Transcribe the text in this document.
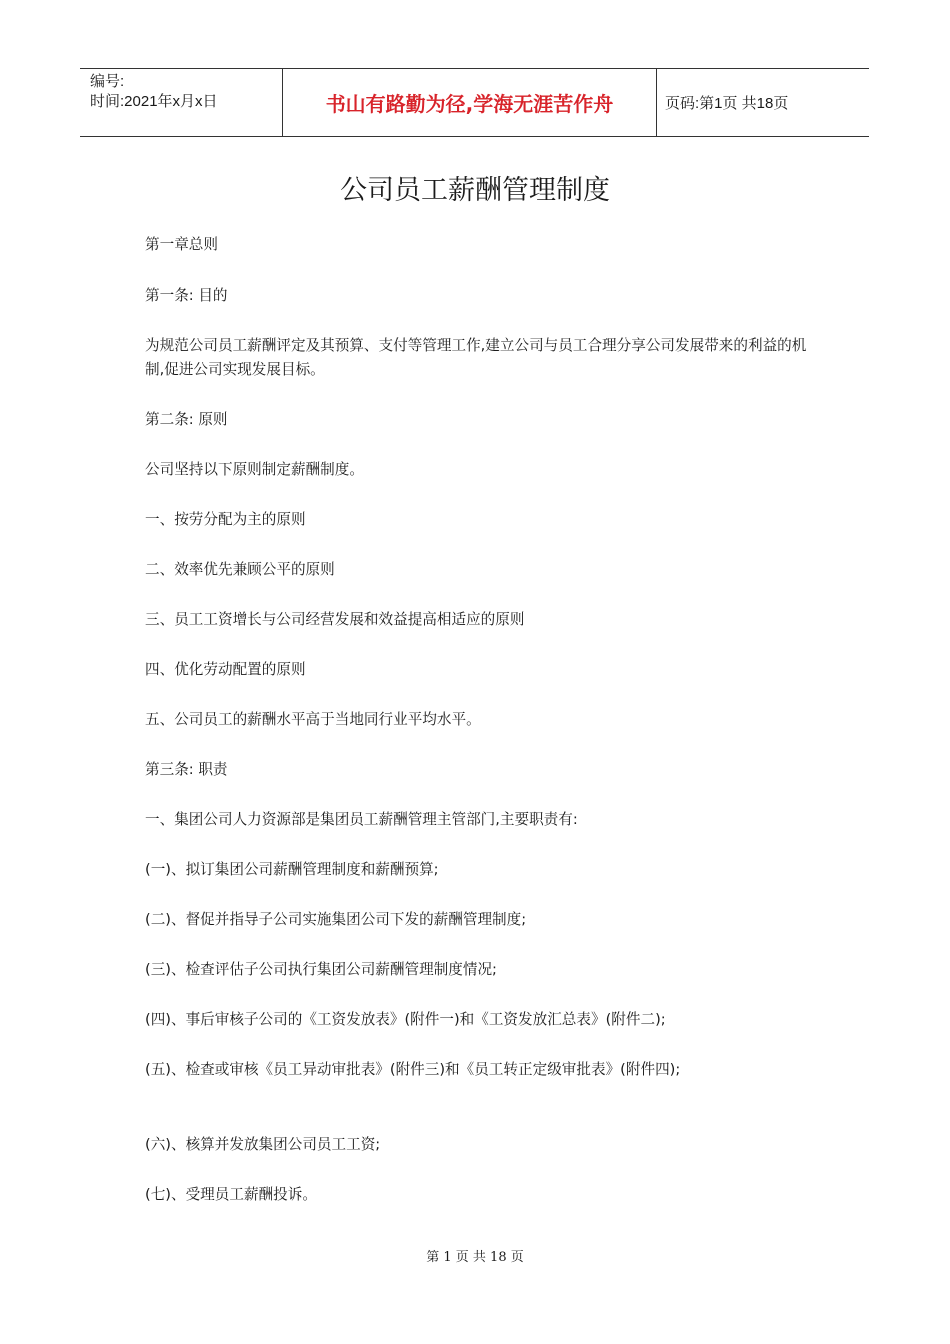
编号:
时间:2021年x月x日	书山有路勤为径,学海无涯苦作舟	页码:第1页 共18页
公司员工薪酬管理制度
第一章总则
第一条: 目的
为规范公司员工薪酬评定及其预算、支付等管理工作,建立公司与员工合理分享公司发展带来的利益的机制,促进公司实现发展目标。
第二条: 原则
公司坚持以下原则制定薪酬制度。
一、按劳分配为主的原则
二、效率优先兼顾公平的原则
三、员工工资增长与公司经营发展和效益提高相适应的原则
四、优化劳动配置的原则
五、公司员工的薪酬水平高于当地同行业平均水平。
第三条: 职责
一、集团公司人力资源部是集团员工薪酬管理主管部门,主要职责有:
(一)、拟订集团公司薪酬管理制度和薪酬预算;
(二)、督促并指导子公司实施集团公司下发的薪酬管理制度;
(三)、检查评估子公司执行集团公司薪酬管理制度情况;
(四)、事后审核子公司的《工资发放表》(附件一)和《工资发放汇总表》(附件二);
(五)、检查或审核《员工异动审批表》(附件三)和《员工转正定级审批表》(附件四);
(六)、核算并发放集团公司员工工资;
(七)、受理员工薪酬投诉。
第 1 页 共 18 页
